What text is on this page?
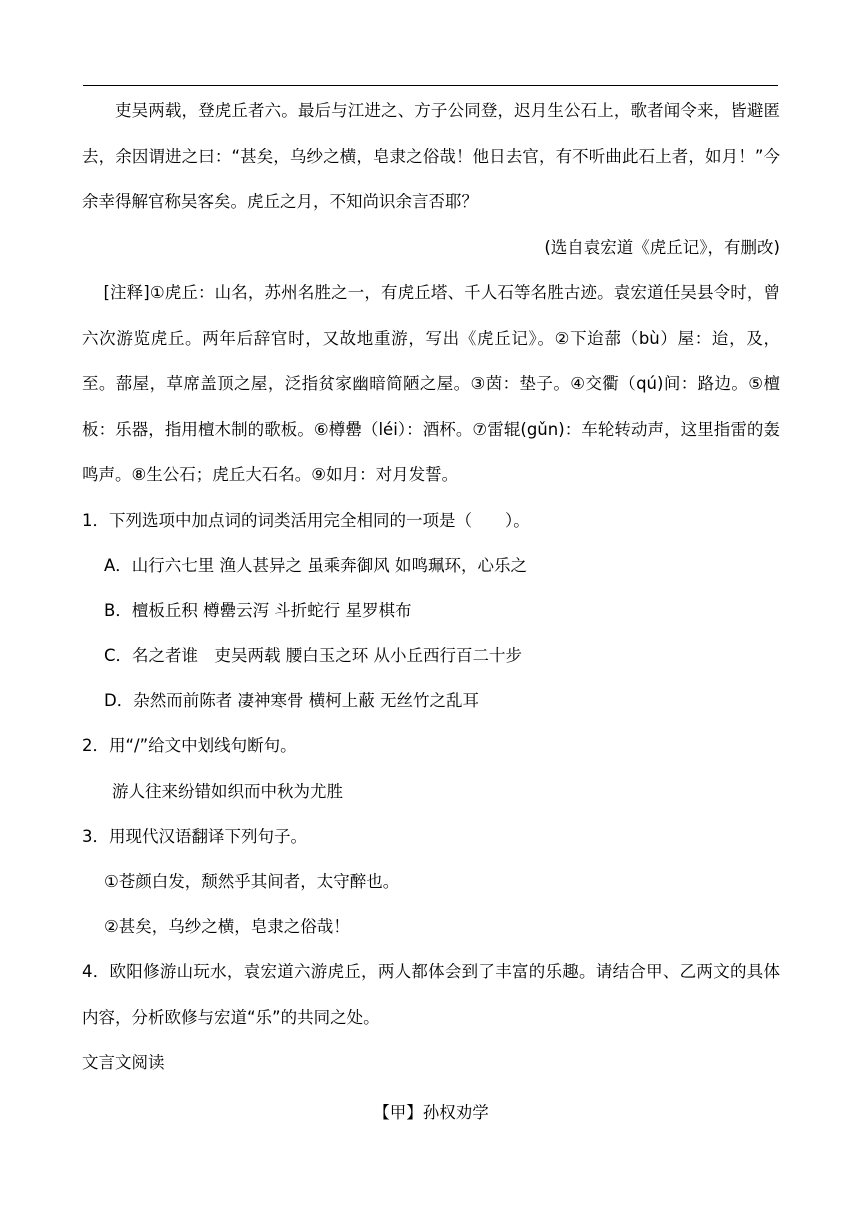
吏吴两载，登虎丘者六。最后与江进之、方子公同登，迟月生公石上，歌者闻令来，皆避匿去，余因谓进之曰：“甚矣，乌纱之横，皂隶之俗哉！他日去官，有不听曲此石上者，如月！”今余幸得解官称吴客矣。虎丘之月，不知尚识余言否耶？

(选自袁宏道《虎丘记》，有删改)

[注释]①虎丘：山名，苏州名胜之一，有虎丘塔、千人石等名胜古迹。袁宏道任吴县令时，曾六次游览虎丘。两年后辞官时，又故地重游，写出《虎丘记》。②下迨蔀（bù）屋：迨，及，至。蔀屋，草席盖顶之屋，泛指贫家幽暗简陋之屋。③茵：垫子。④交衢（qú)间：路边。⑤檀板：乐器，指用檀木制的歌板。⑥樽罍（léi）：酒杯。⑦雷辊(gǔn)：车轮转动声，这里指雷的轰鸣声。⑧生公石；虎丘大石名。⑨如月：对月发誓。

1．下列选项中加点词的词类活用完全相同的一项是（　　）。

A．山行六七里 渔人甚异之 虽乘奔御风 如鸣珮环，心乐之

B．檀板丘积 樽罍云泻 斗折蛇行 星罗棋布

C．名之者谁　吏吴两载 腰白玉之环 从小丘西行百二十步

D．杂然而前陈者 凄神寒骨 横柯上蔽 无丝竹之乱耳

2．用“/”给文中划线句断句。

游人往来纷错如织而中秋为尤胜

3．用现代汉语翻译下列句子。

①苍颜白发，颓然乎其间者，太守醉也。

②甚矣，乌纱之横，皂隶之俗哉！

4．欧阳修游山玩水，袁宏道六游虎丘，两人都体会到了丰富的乐趣。请结合甲、乙两文的具体内容，分析欧修与宏道“乐”的共同之处。

文言文阅读

【甲】孙权劝学
